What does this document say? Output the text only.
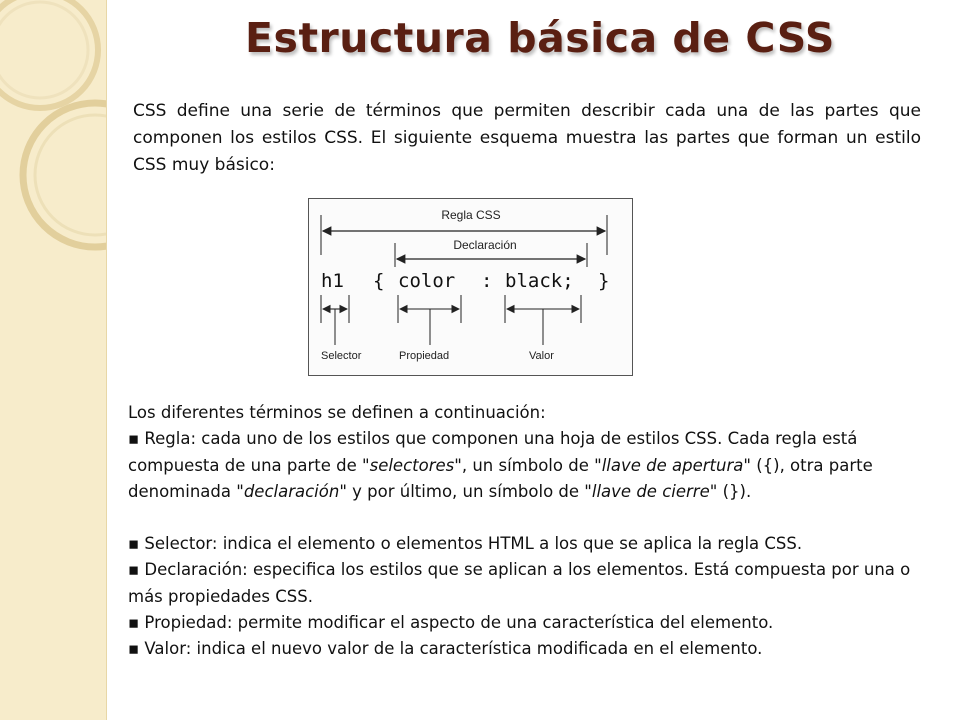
Estructura básica de CSS
CSS define una serie de términos que permiten describir cada una de las partes que componen los estilos CSS. El siguiente esquema muestra las partes que forman un estilo CSS muy básico:
Regla CSS
Declaración
h1 { color : black; }
Selector	Propiedad	Valor

Los diferentes términos se definen a continuación:

▪ Regla: cada uno de los estilos que componen una hoja de estilos CSS. Cada regla está compuesta de una parte de "selectores", un símbolo de "llave de apertura" ({), otra parte denominada "declaración" y por último, un símbolo de "llave de cierre" (}).

▪ Selector: indica el elemento o elementos HTML a los que se aplica la regla CSS.

▪ Declaración: especifica los estilos que se aplican a los elementos. Está compuesta por una o más propiedades CSS.

▪ Propiedad: permite modificar el aspecto de una característica del elemento.

▪ Valor: indica el nuevo valor de la característica modificada en el elemento.
